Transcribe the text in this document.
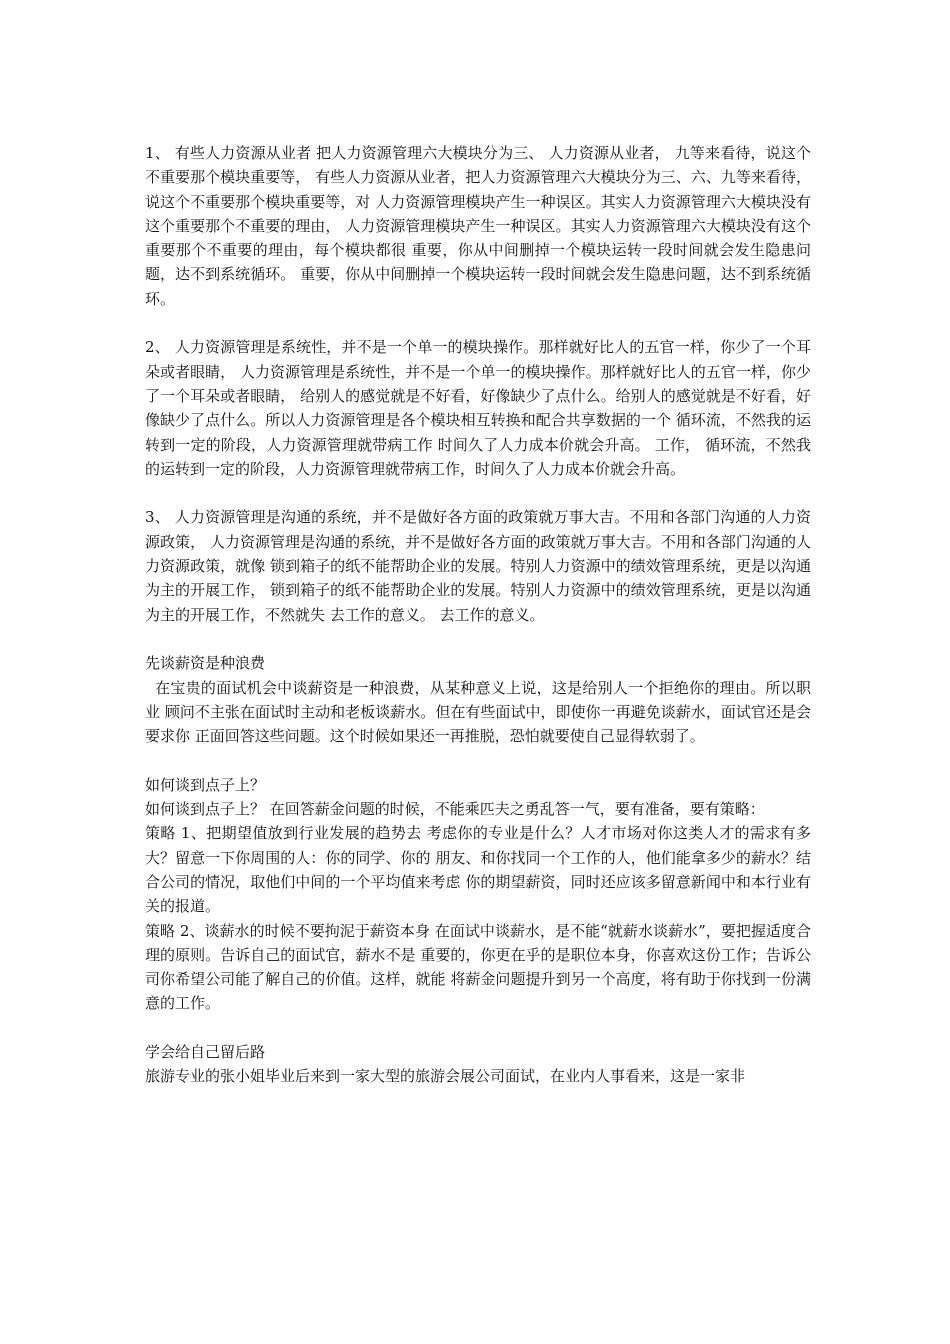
1、 有些人力资源从业者 把人力资源管理六大模块分为三、 人力资源从业者， 九等来看待，说这个不重要那个模块重要等， 有些人力资源从业者，把人力资源管理六大模块分为三、六、九等来看待，说这个不重要那个模块重要等，对 人力资源管理模块产生一种误区。其实人力资源管理六大模块没有这个重要那个不重要的理由， 人力资源管理模块产生一种误区。其实人力资源管理六大模块没有这个重要那个不重要的理由，每个模块都很 重要，你从中间删掉一个模块运转一段时间就会发生隐患问题，达不到系统循环。 重要，你从中间删掉一个模块运转一段时间就会发生隐患问题，达不到系统循环。

2、 人力资源管理是系统性，并不是一个单一的模块操作。那样就好比人的五官一样，你少了一个耳朵或者眼睛， 人力资源管理是系统性，并不是一个单一的模块操作。那样就好比人的五官一样，你少了一个耳朵或者眼睛， 给别人的感觉就是不好看，好像缺少了点什么。给别人的感觉就是不好看，好像缺少了点什么。所以人力资源管理是各个模块相互转换和配合共享数据的一个 循环流，不然我的运转到一定的阶段，人力资源管理就带病工作 时间久了人力成本价就会升高。 工作， 循环流，不然我的运转到一定的阶段，人力资源管理就带病工作，时间久了人力成本价就会升高。

3、 人力资源管理是沟通的系统，并不是做好各方面的政策就万事大吉。不用和各部门沟通的人力资源政策， 人力资源管理是沟通的系统，并不是做好各方面的政策就万事大吉。不用和各部门沟通的人力资源政策，就像 锁到箱子的纸不能帮助企业的发展。特别人力资源中的绩效管理系统，更是以沟通为主的开展工作， 锁到箱子的纸不能帮助企业的发展。特别人力资源中的绩效管理系统，更是以沟通为主的开展工作，不然就失 去工作的意义。 去工作的意义。

先谈薪资是种浪费
在宝贵的面试机会中谈薪资是一种浪费，从某种意义上说，这是给别人一个拒绝你的理由。所以职业 顾问不主张在面试时主动和老板谈薪水。但在有些面试中，即使你一再避免谈薪水，面试官还是会要求你 正面回答这些问题。这个时候如果还一再推脱，恐怕就要使自己显得软弱了。
如何谈到点子上？
如何谈到点子上？ 在回答薪金问题的时候，不能乘匹夫之勇乱答一气，要有准备，要有策略：
策略 1、把期望值放到行业发展的趋势去 考虑你的专业是什么？人才市场对你这类人才的需求有多大？留意一下你周围的人：你的同学、你的 朋友、和你找同一个工作的人，他们能拿多少的薪水？结合公司的情况，取他们中间的一个平均值来考虑 你的期望薪资，同时还应该多留意新闻中和本行业有关的报道。
策略 2、谈薪水的时候不要拘泥于薪资本身 在面试中谈薪水，是不能“就薪水谈薪水”，要把握适度合理的原则。告诉自己的面试官，薪水不是 重要的，你更在乎的是职位本身，你喜欢这份工作；告诉公司你希望公司能了解自己的价值。这样，就能 将薪金问题提升到另一个高度，将有助于你找到一份满意的工作。
学会给自己留后路
旅游专业的张小姐毕业后来到一家大型的旅游会展公司面试，在业内人事看来，这是一家非
